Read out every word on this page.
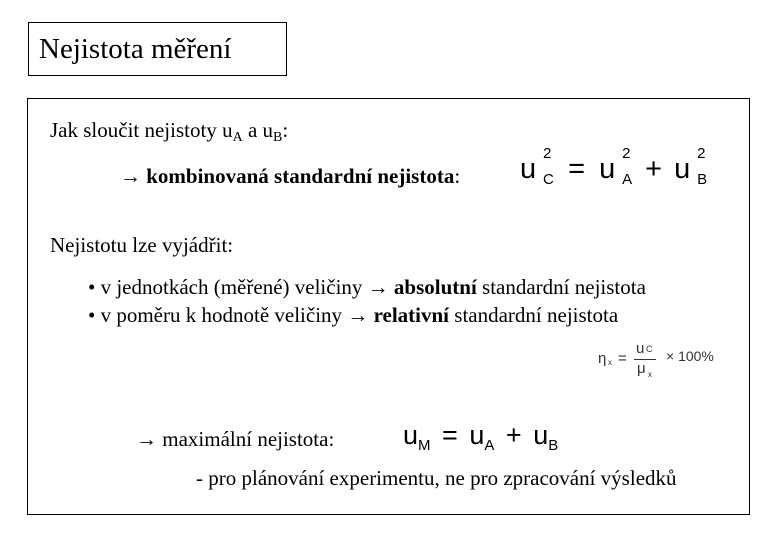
Nejistota měření
Jak sloučit nejistoty $u_A$ a $u_B$:
→ kombinovaná standardní nejistota: u 2
C = u 2
A + u 2
B
Nejistotu lze vyjádřit:
• v jednotkách (měřené) veličiny → absolutní standardní nejistota
• v poměru k hodnotě veličiny → relativní standardní nejistota
η x =
u C
μ x
× 100%
→ maximální nejistota:	$u_M = u_A + u_B$
- pro plánování experimentu, ne pro zpracování výsledků
